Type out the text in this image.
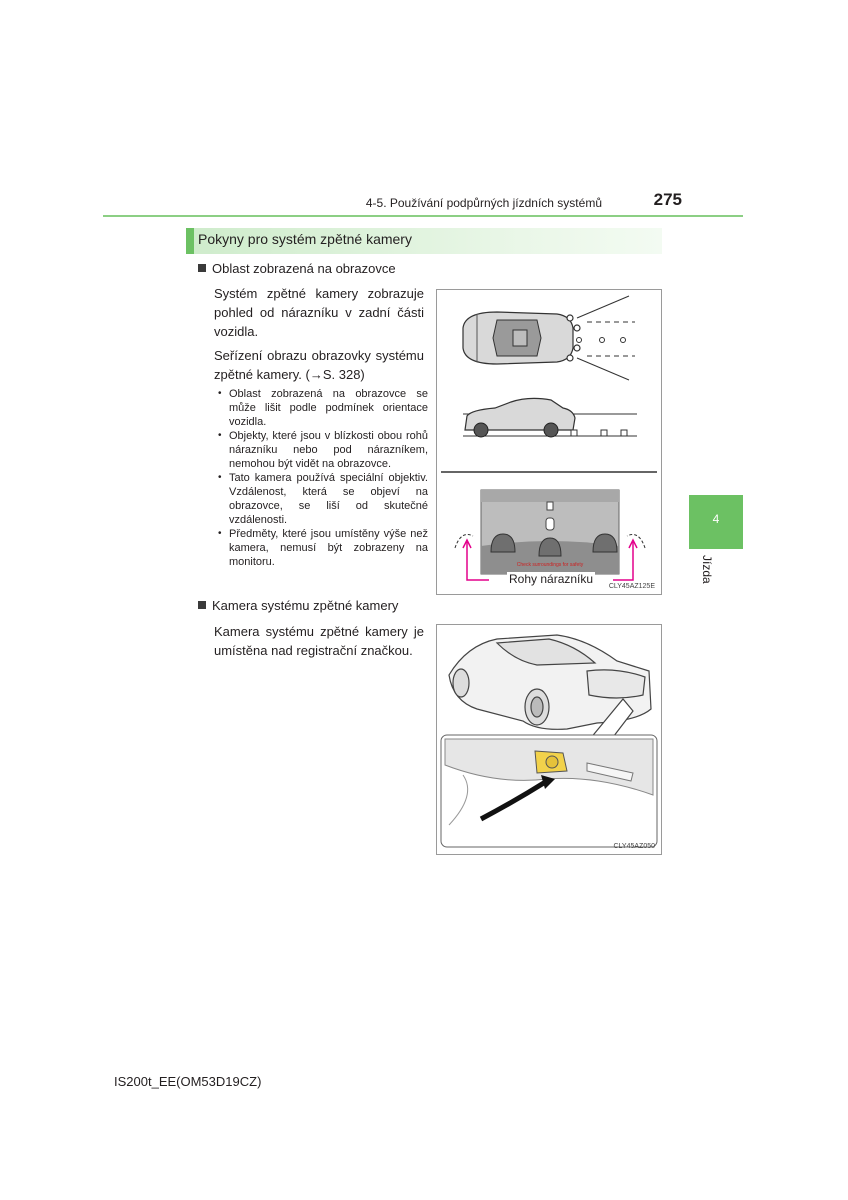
4-5. Používání podpůrných jízdních systémů	275
Pokyny pro systém zpětné kamery
Oblast zobrazená na obrazovce
Systém zpětné kamery zobrazuje pohled od nárazníku v zadní části vozidla.
Seřízení obrazu obrazovky systému zpětné kamery. (→S. 328)
• Oblast zobrazená na obrazovce se může lišit podle podmínek orientace vozidla.
• Objekty, které jsou v blízkosti obou rohů nárazníku nebo pod nárazníkem, nemohou být vidět na obrazovce.
• Tato kamera používá speciální objektiv. Vzdálenost, která se objeví na obrazovce, se liší od skutečné vzdálenosti.
• Předměty, které jsou umístěny výše než kamera, nemusí být zobrazeny na monitoru.	Check surroundings for safety
Rohy nárazníku
CLY45AZ125E
4
Jízda
Kamera systému zpětné kamery
Kamera systému zpětné kamery je umístěna nad registrační značkou.
CLY45AZ050
IS200t_EE(OM53D19CZ)
